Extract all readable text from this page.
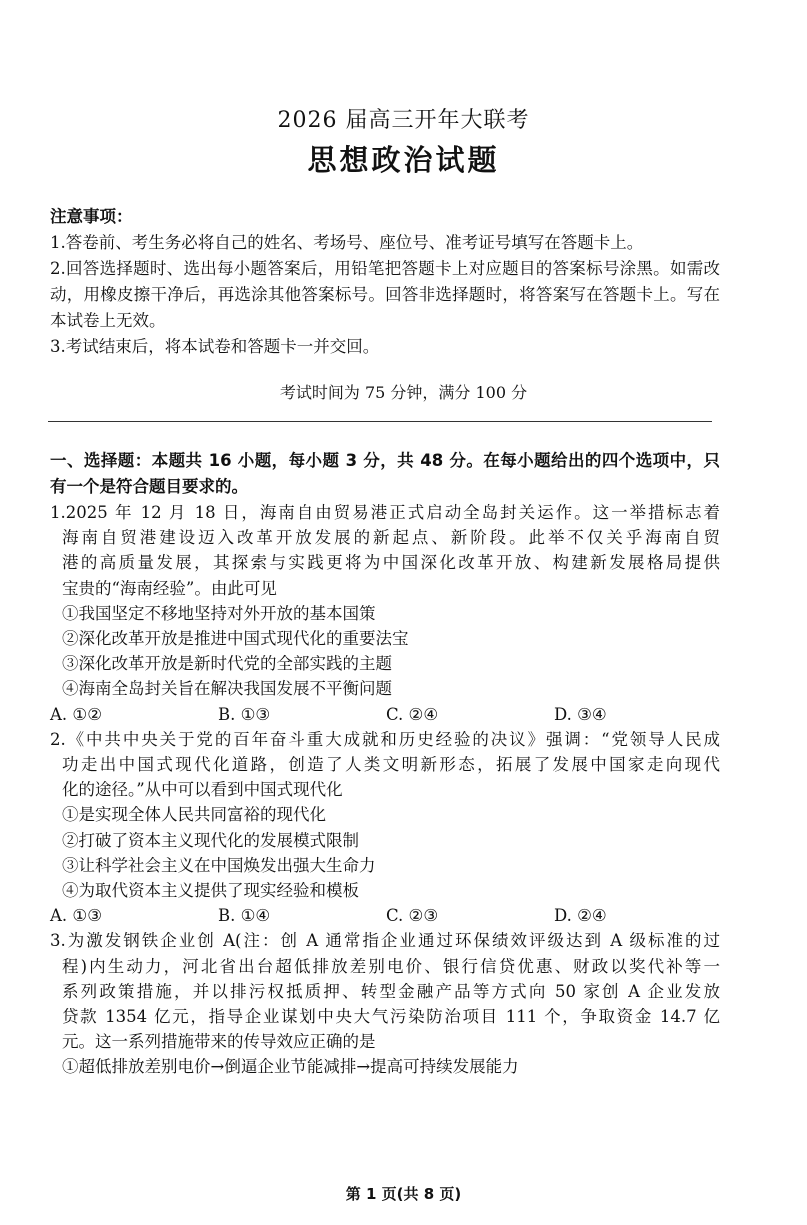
2026 届高三开年大联考
思想政治试题

注意事项：

1.答卷前、考生务必将自己的姓名、考场号、座位号、准考证号填写在答题卡上。

2.回答选择题时、选出每小题答案后，用铅笔把答题卡上对应题目的答案标号涂黑。如需改动，用橡皮擦干净后，再选涂其他答案标号。回答非选择题时，将答案写在答题卡上。写在本试卷上无效。

3.考试结束后，将本试卷和答题卡一并交回。

考试时间为 75 分钟，满分 100 分
一、选择题：本题共 16 小题，每小题 3 分，共 48 分。在每小题给出的四个选项中，只
有一个是符合题目要求的。
1.2025 年 12 月 18 日，海南自由贸易港正式启动全岛封关运作。这一举措标志着
海南自贸港建设迈入改革开放发展的新起点、新阶段。此举不仅关乎海南自贸
港的高质量发展，其探索与实践更将为中国深化改革开放、构建新发展格局提供
宝贵的“海南经验”。由此可见
①我国坚定不移地坚持对外开放的基本国策
②深化改革开放是推进中国式现代化的重要法宝
③深化改革开放是新时代党的全部实践的主题
④海南全岛封关旨在解决我国发展不平衡问题
A. ①②	B. ①③	C. ②④	D. ③④
2.《中共中央关于党的百年奋斗重大成就和历史经验的决议》强调：“党领导人民成
功走出中国式现代化道路，创造了人类文明新形态，拓展了发展中国家走向现代
化的途径。”从中可以看到中国式现代化
①是实现全体人民共同富裕的现代化
②打破了资本主义现代化的发展模式限制
③让科学社会主义在中国焕发出强大生命力
④为取代资本主义提供了现实经验和模板
A. ①③	B. ①④	C. ②③	D. ②④
3.为激发钢铁企业创 A(注：创 A 通常指企业通过环保绩效评级达到 A 级标准的过
程)内生动力，河北省出台超低排放差别电价、银行信贷优惠、财政以奖代补等一
系列政策措施，并以排污权抵质押、转型金融产品等方式向 50 家创 A 企业发放
贷款 1354 亿元，指导企业谋划中央大气污染防治项目 111 个，争取资金 14.7 亿
元。这一系列措施带来的传导效应正确的是
①超低排放差别电价→倒逼企业节能减排→提高可持续发展能力
第 1 页(共 8 页)
